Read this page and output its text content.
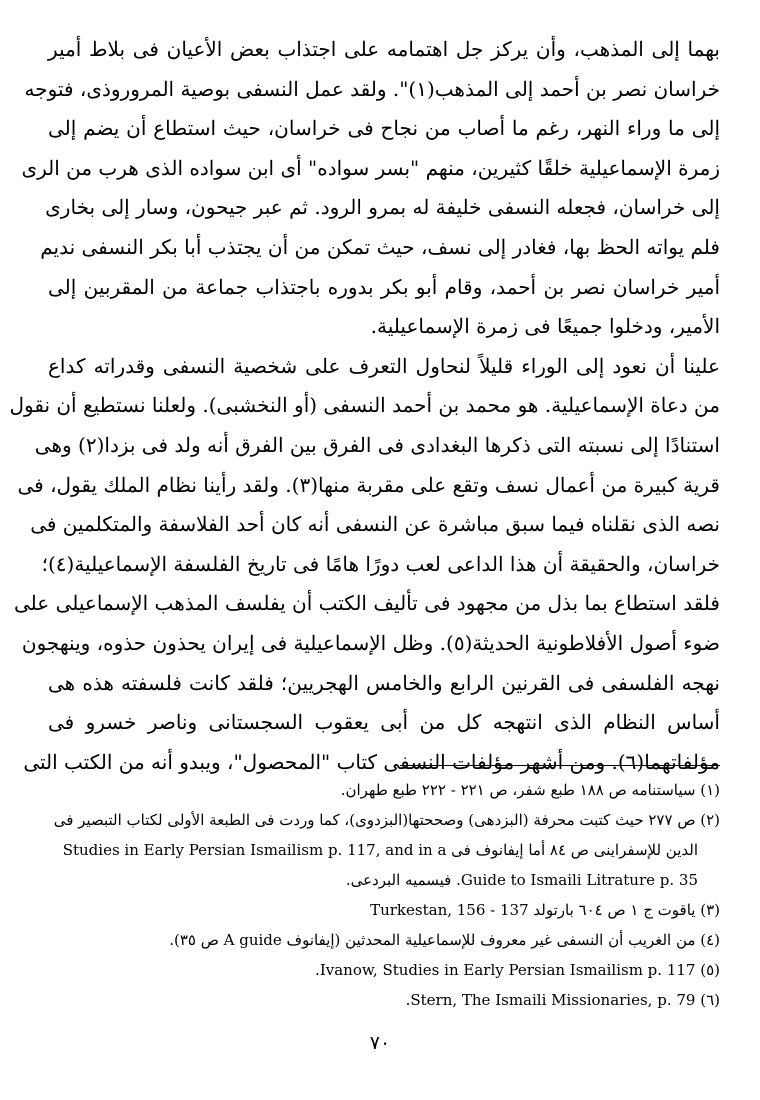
بهما إلى المذهب، وأن يركز جل اهتمامه على اجتذاب بعض الأعيان فى بلاط أمير
خراسان نصر بن أحمد إلى المذهب(١)". ولقد عمل النسفى بوصية المروروذى، فتوجه
إلى ما وراء النهر، رغم ما أصاب من نجاح فى خراسان، حيث استطاع أن يضم إلى
زمرة الإسماعيلية خلقًا كثيرين، منهم "بسر سواده" أى ابن سواده الذى هرب من الرى
إلى خراسان، فجعله النسفى خليفة له بمرو الرود. ثم عبر جيحون، وسار إلى بخارى
فلم يواته الحظ بها، فغادر إلى نسف، حيث تمكن من أن يجتذب أبا بكر النسفى نديم
أمير خراسان نصر بن أحمد، وقام أبو بكر بدوره باجتذاب جماعة من المقربين إلى
الأمير، ودخلوا جميعًا فى زمرة الإسماعيلية.
علينا أن نعود إلى الوراء قليلاً لنحاول التعرف على شخصية النسفى وقدراته كداع
من دعاة الإسماعيلية. هو محمد بن أحمد النسفى (أو النخشبى). ولعلنا نستطيع أن نقول
استنادًا إلى نسبته التى ذكرها البغدادى فى الفرق بين الفرق أنه ولد فى بزدا(٢) وهى
قرية كبيرة من أعمال نسف وتقع على مقربة منها(٣). ولقد رأينا نظام الملك يقول، فى
نصه الذى نقلناه فيما سبق مباشرة عن النسفى أنه كان أحد الفلاسفة والمتكلمين فى
خراسان، والحقيقة أن هذا الداعى لعب دورًا هامًا فى تاريخ الفلسفة الإسماعيلية(٤)؛
فلقد استطاع بما بذل من مجهود فى تأليف الكتب أن يفلسف المذهب الإسماعيلى على
ضوء أصول الأفلاطونية الحديثة(٥). وظل الإسماعيلية فى إيران يحذون حذوه، وينهجون
نهجه الفلسفى فى القرنين الرابع والخامس الهجريين؛ فلقد كانت فلسفته هذه هى
أساس النظام الذى انتهجه كل من أبى يعقوب السجستانى وناصر خسرو فى
مؤلفاتهما(٦). ومن أشهر مؤلفات النسفى كتاب "المحصول"، ويبدو أنه من الكتب التى
(١) سياستنامه ص ١٨٨ طبع شفر، ص ٢٢١ - ٢٢٢ طبع طهران.
(٢) ص ٢٧٧ حيث كتبت محرفة (البزدهى) وصححتها(البزدوى)، كما وردت فى الطبعة الأولى لكتاب التبصير فى
الدين للإسفراينى ص ٨٤ أما إيفانوف فى Studies in Early Persian Ismailism p. 117, and in a
Guide to Ismaili Litrature p. 35. فيسميه البردعى.
(٣) ياقوت ج ١ ص ٦٠٤ بارتولد Turkestan, 156 - 137
(٤) من الغريب أن النسفى غير معروف للإسماعيلية المحدثين (إيفانوف A guide ص ٣٥).
(٥) Ivanow, Studies in Early Persian Ismailism p. 117.
(٦) Stern, The Ismaili Missionaries, p. 79.
٧٠
